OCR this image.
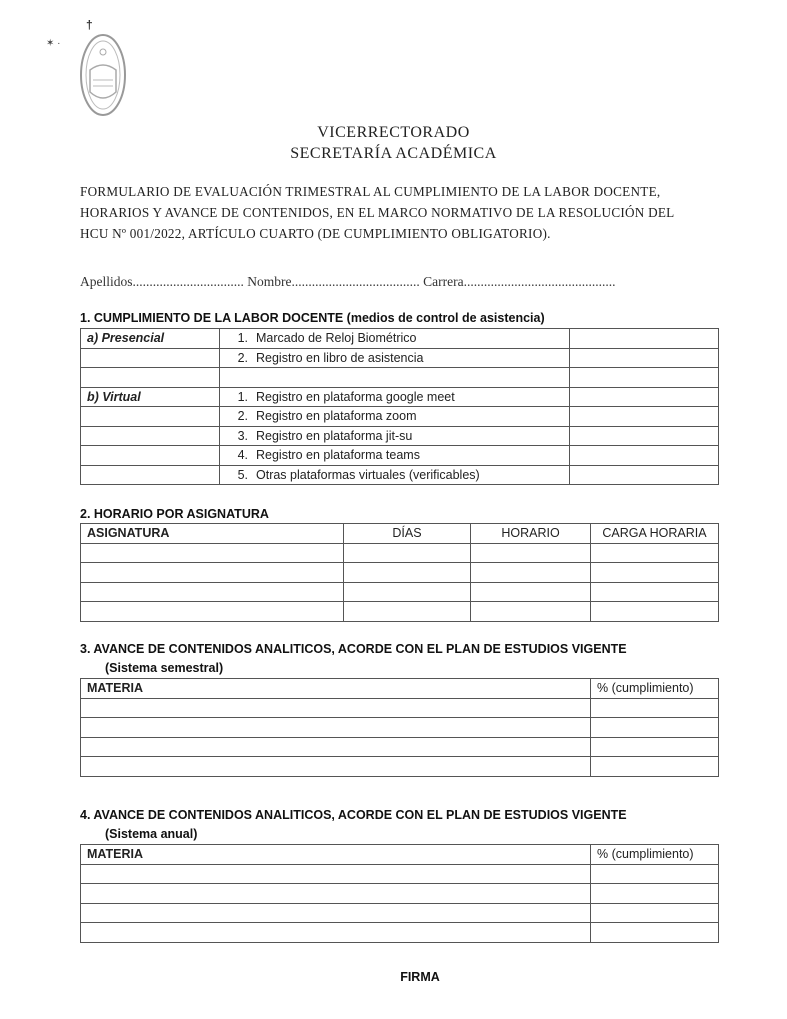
✶ ·
†
VICERRECTORADO
SECRETARÍA ACADÉMICA
FORMULARIO DE EVALUACIÓN TRIMESTRAL AL CUMPLIMIENTO DE LA LABOR DOCENTE,
HORARIOS Y AVANCE DE CONTENIDOS, EN EL MARCO NORMATIVO DE LA RESOLUCIÓN DEL
HCU Nº 001/2022, ARTÍCULO CUARTO (DE CUMPLIMIENTO OBLIGATORIO).
Apellidos................................. Nombre...................................... Carrera.............................................
1. CUMPLIMIENTO DE LA LABOR DOCENTE (medios de control de asistencia)
a) Presencial	1. Marcado de Reloj Biométrico	
	2. Registro en libro de asistencia	

b) Virtual	1. Registro en plataforma google meet	
	2. Registro en plataforma zoom	
	3. Registro en plataforma jit-su	
	4. Registro en plataforma teams	
	5. Otras plataformas virtuales (verificables)	
2. HORARIO POR ASIGNATURA
ASIGNATURA	DÍAS	HORARIO	CARGA HORARIA

3. AVANCE DE CONTENIDOS ANALITICOS, ACORDE CON EL PLAN DE ESTUDIOS VIGENTE
(Sistema semestral)
MATERIA	% (cumplimiento)

4. AVANCE DE CONTENIDOS ANALITICOS, ACORDE CON EL PLAN DE ESTUDIOS VIGENTE
(Sistema anual)
MATERIA	% (cumplimiento)

FIRMA
